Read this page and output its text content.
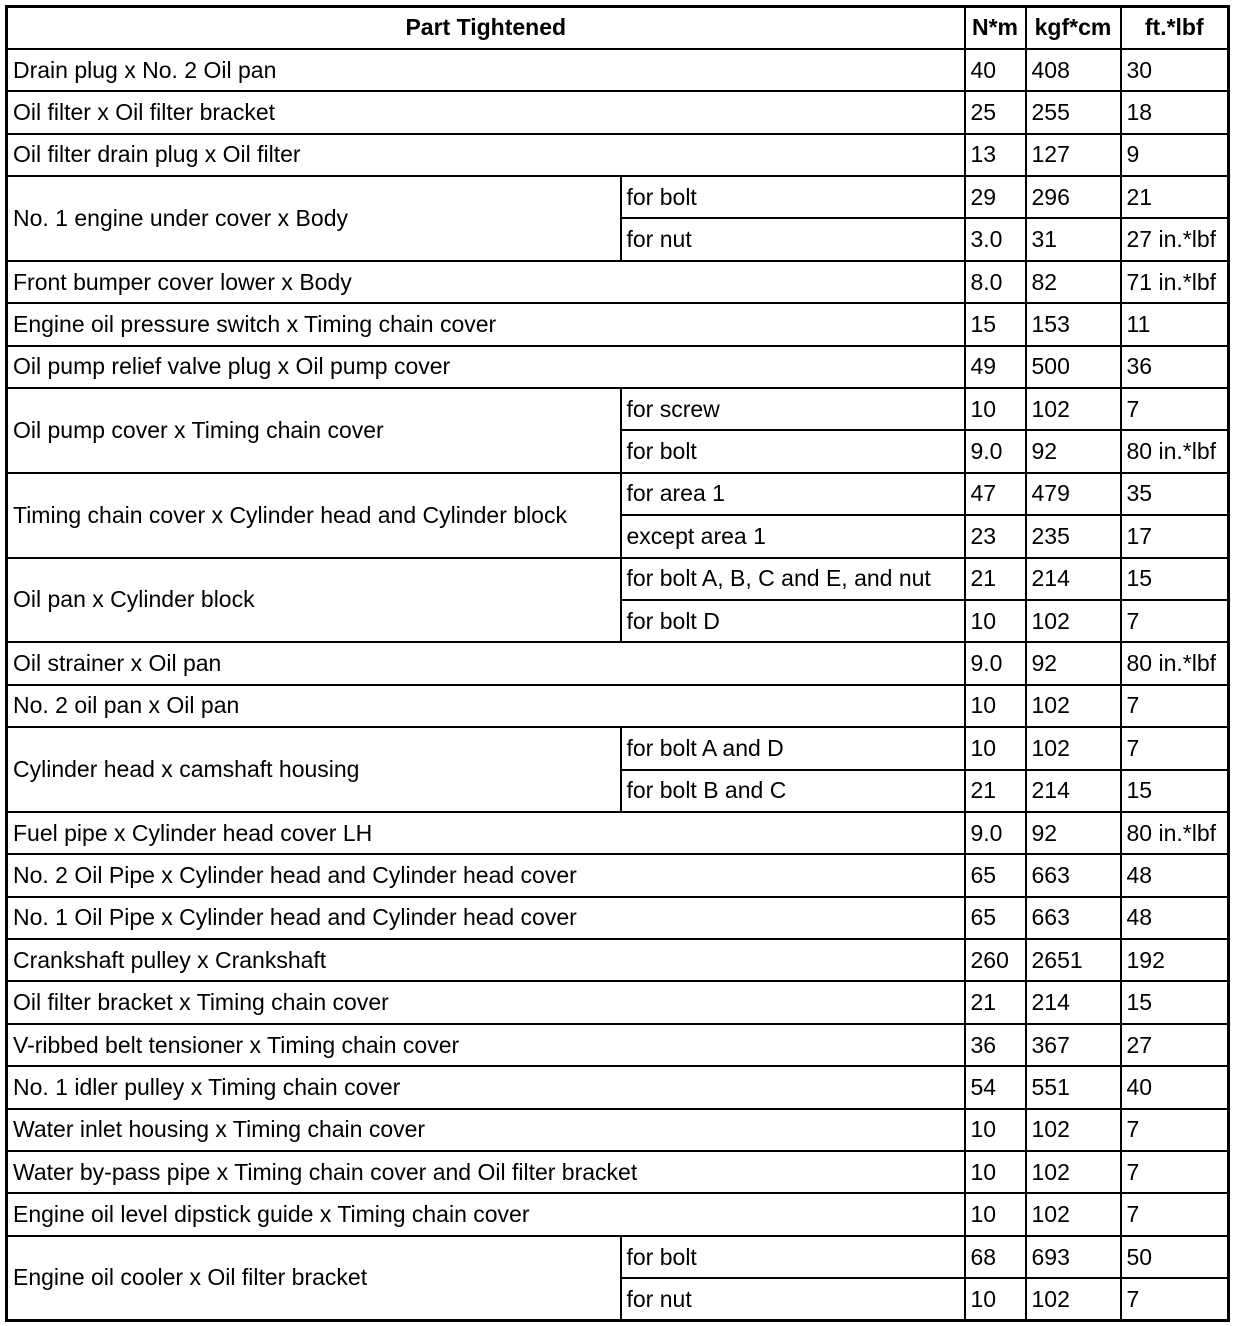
Part Tightened		N*m	kgf*cm	ft.*lbf
Drain plug x No. 2 Oil pan		40	408	30
Oil filter x Oil filter bracket		25	255	18
Oil filter drain plug x Oil filter		13	127	9
No. 1 engine under cover x Body	for bolt	29	296	21
	for nut	3.0	31	27 in.*lbf
Front bumper cover lower x Body		8.0	82	71 in.*lbf
Engine oil pressure switch x Timing chain cover		15	153	11
Oil pump relief valve plug x Oil pump cover		49	500	36
Oil pump cover x Timing chain cover	for screw	10	102	7
	for bolt	9.0	92	80 in.*lbf
Timing chain cover x Cylinder head and Cylinder block	for area 1	47	479	35
	except area 1	23	235	17
Oil pan x Cylinder block	for bolt A, B, C and E, and nut	21	214	15
	for bolt D	10	102	7
Oil strainer x Oil pan		9.0	92	80 in.*lbf
No. 2 oil pan x Oil pan		10	102	7
Cylinder head x camshaft housing	for bolt A and D	10	102	7
	for bolt B and C	21	214	15
Fuel pipe x Cylinder head cover LH		9.0	92	80 in.*lbf
No. 2 Oil Pipe x Cylinder head and Cylinder head cover		65	663	48
No. 1 Oil Pipe x Cylinder head and Cylinder head cover		65	663	48
Crankshaft pulley x Crankshaft		260	2651	192
Oil filter bracket x Timing chain cover		21	214	15
V-ribbed belt tensioner x Timing chain cover		36	367	27
No. 1 idler pulley x Timing chain cover		54	551	40
Water inlet housing x Timing chain cover		10	102	7
Water by-pass pipe x Timing chain cover and Oil filter bracket		10	102	7
Engine oil level dipstick guide x Timing chain cover		10	102	7
Engine oil cooler x Oil filter bracket	for bolt	68	693	50
	for nut	10	102	7
